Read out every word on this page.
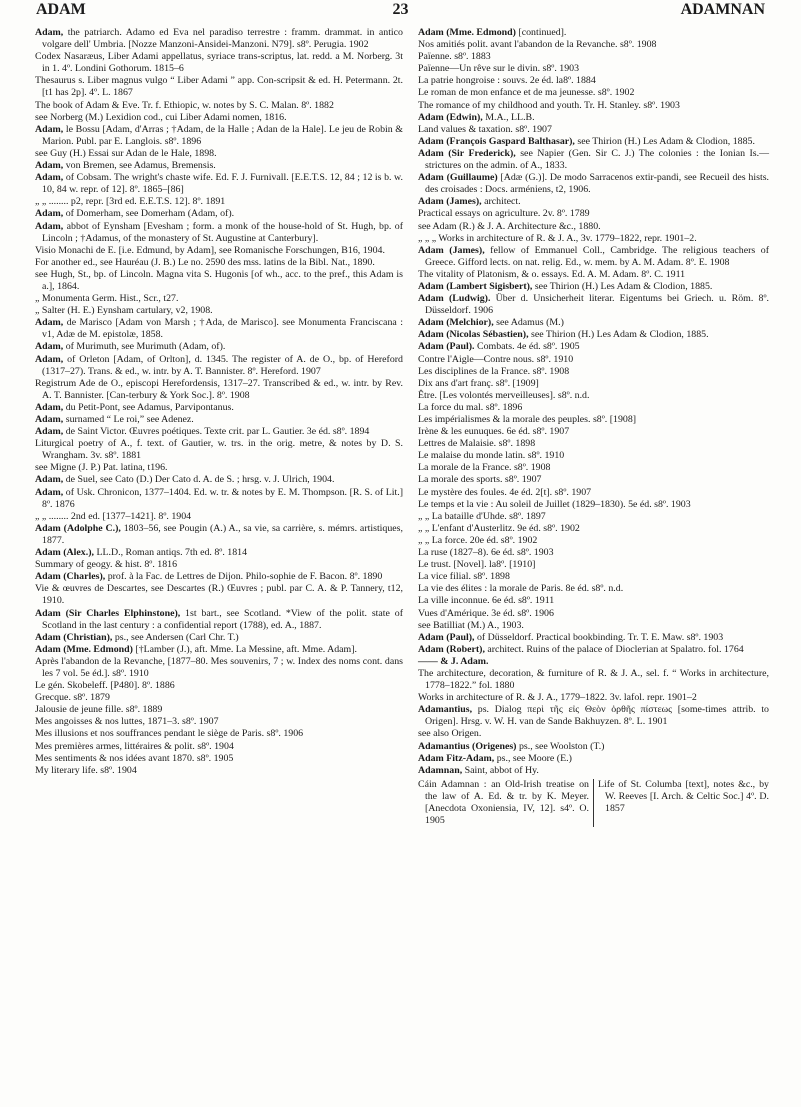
ADAM	23	ADAMNAN

Adam, the patriarch. Adamo ed Eva nel paradiso terrestre : framm. drammat. in antico volgare dell' Umbria. [Nozze Manzoni-Ansidei-Manzoni. N79]. s8º. Perugia. 1902

Codex Nasaræus, Liber Adami appellatus, syriace trans-scriptus, lat. redd. a M. Norberg. 3t in 1. 4º. Londini Gothorum. 1815–6

Thesaurus s. Liber magnus vulgo “ Liber Adami ” app. Con-scripsit & ed. H. Petermann. 2t. [t1 has 2p]. 4º. L. 1867

The book of Adam & Eve. Tr. f. Ethiopic, w. notes by S. C. Malan. 8º. 1882

see Norberg (M.) Lexidion cod., cui Liber Adami nomen, 1816.

Adam, le Bossu [Adam, d'Arras ; †Adam, de la Halle ; Adan de la Hale]. Le jeu de Robin & Marion. Publ. par E. Langlois. s8º. 1896

see Guy (H.) Essai sur Adan de le Hale, 1898.

Adam, von Bremen, see Adamus, Bremensis.

Adam, of Cobsam. The wright's chaste wife. Ed. F. J. Furnivall. [E.E.T.S. 12, 84 ; 12 is b. w. 10, 84 w. repr. of 12]. 8º. 1865–[86]

„ „ ........ p2, repr. [3rd ed. E.E.T.S. 12]. 8º. 1891

Adam, of Domerham, see Domerham (Adam, of).

Adam, abbot of Eynsham [Evesham ; form. a monk of the house-hold of St. Hugh, bp. of Lincoln ; †Adamus, of the monastery of St. Augustine at Canterbury].

Visio Monachi de E. [i.e. Edmund, by Adam], see Romanische Forschungen, B16, 1904.

For another ed., see Hauréau (J. B.) Le no. 2590 des mss. latins de la Bibl. Nat., 1890.

see Hugh, St., bp. of Lincoln. Magna vita S. Hugonis [of wh., acc. to the pref., this Adam is a.], 1864.

„ Monumenta Germ. Hist., Scr., t27.

„ Salter (H. E.) Eynsham cartulary, v2, 1908.

Adam, de Marisco [Adam von Marsh ; †Ada, de Marisco]. see Monumenta Franciscana : v1, Adæ de M. epistolæ, 1858.

Adam, of Murimuth, see Murimuth (Adam, of).

Adam, of Orleton [Adam, of Orlton], d. 1345. The register of A. de O., bp. of Hereford (1317–27). Trans. & ed., w. intr. by A. T. Bannister. 8º. Hereford. 1907

Registrum Ade de O., episcopi Herefordensis, 1317–27. Transcribed & ed., w. intr. by Rev. A. T. Bannister. [Can-terbury & York Soc.]. 8º. 1908

Adam, du Petit-Pont, see Adamus, Parvipontanus.

Adam, surnamed “ Le roi,” see Adenez.

Adam, de Saint Victor. Œuvres poétiques. Texte crit. par L. Gautier. 3e éd. s8º. 1894

Liturgical poetry of A., f. text. of Gautier, w. trs. in the orig. metre, & notes by D. S. Wrangham. 3v. s8º. 1881

see Migne (J. P.) Pat. latina, t196.

Adam, de Suel, see Cato (D.) Der Cato d. A. de S. ; hrsg. v. J. Ulrich, 1904.

Adam, of Usk. Chronicon, 1377–1404. Ed. w. tr. & notes by E. M. Thompson. [R. S. of Lit.] 8º. 1876

„ „ ........ 2nd ed. [1377–1421]. 8º. 1904

Adam (Adolphe C.), 1803–56, see Pougin (A.) A., sa vie, sa carrière, s. mémrs. artistiques, 1877.

Adam (Alex.), LL.D., Roman antiqs. 7th ed. 8º. 1814

Summary of geogy. & hist. 8º. 1816

Adam (Charles), prof. à la Fac. de Lettres de Dijon. Philo-sophie de F. Bacon. 8º. 1890

Vie & œuvres de Descartes, see Descartes (R.) Œuvres ; publ. par C. A. & P. Tannery, t12, 1910.

Adam (Sir Charles Elphinstone), 1st bart., see Scotland. *View of the polit. state of Scotland in the last century : a confidential report (1788), ed. A., 1887.

Adam (Christian), ps., see Andersen (Carl Chr. T.)

Adam (Mme. Edmond) [†Lamber (J.), aft. Mme. La Messine, aft. Mme. Adam].

Après l'abandon de la Revanche, [1877–80. Mes souvenirs, 7 ; w. Index des noms cont. dans les 7 vol. 5e éd.]. s8º. 1910

Le gén. Skobeleff. [P480]. 8º. 1886

Grecque. s8º. 1879

Jalousie de jeune fille. s8º. 1889

Mes angoisses & nos luttes, 1871–3. s8º. 1907

Mes illusions et nos souffrances pendant le siège de Paris. s8º. 1906

Mes premières armes, littéraires & polit. s8º. 1904

Mes sentiments & nos idées avant 1870. s8º. 1905

My literary life. s8º. 1904

Adam (Mme. Edmond) [continued].

Nos amitiés polit. avant l'abandon de la Revanche. s8º. 1908

Païenne. s8º. 1883

Païenne—Un rêve sur le divin. s8º. 1903

La patrie hongroise : souvs. 2e éd. la8º. 1884

Le roman de mon enfance et de ma jeunesse. s8º. 1902

The romance of my childhood and youth. Tr. H. Stanley. s8º. 1903

Adam (Edwin), M.A., LL.B.

Land values & taxation. s8º. 1907

Adam (François Gaspard Balthasar), see Thirion (H.) Les Adam & Clodion, 1885.

Adam (Sir Frederick), see Napier (Gen. Sir C. J.) The colonies : the Ionian Is.—strictures on the admin. of A., 1833.

Adam (Guillaume) [Adæ (G.)]. De modo Sarracenos extir-pandi, see Recueil des hists. des croisades : Docs. arméniens, t2, 1906.

Adam (James), architect.

Practical essays on agriculture. 2v. 8º. 1789

see Adam (R.) & J. A. Architecture &c., 1880.

„ „ „ Works in architecture of R. & J. A., 3v. 1779–1822, repr. 1901–2.

Adam (James), fellow of Emmanuel Coll., Cambridge. The religious teachers of Greece. Gifford lects. on nat. relig. Ed., w. mem. by A. M. Adam. 8º. E. 1908

The vitality of Platonism, & o. essays. Ed. A. M. Adam. 8º. C. 1911

Adam (Lambert Sigisbert), see Thirion (H.) Les Adam & Clodion, 1885.

Adam (Ludwig). Über d. Unsicherheit literar. Eigentums bei Griech. u. Röm. 8º. Düsseldorf. 1906

Adam (Melchior), see Adamus (M.)

Adam (Nicolas Sébastien), see Thirion (H.) Les Adam & Clodion, 1885.

Adam (Paul). Combats. 4e éd. s8º. 1905

Contre l'Aigle—Contre nous. s8º. 1910

Les disciplines de la France. s8º. 1908

Dix ans d'art franç. s8º. [1909]

Être. [Les volontés merveilleuses]. s8º. n.d.

La force du mal. s8º. 1896

Les impérialismes & la morale des peuples. s8º. [1908]

Irène & les eunuques. 6e éd. s8º. 1907

Lettres de Malaisie. s8º. 1898

Le malaise du monde latin. s8º. 1910

La morale de la France. s8º. 1908

La morale des sports. s8º. 1907

Le mystère des foules. 4e éd. 2[t]. s8º. 1907

Le temps et la vie : Au soleil de Juillet (1829–1830). 5e éd. s8º. 1903

„ „ La bataille d'Uhde. s8º. 1897

„ „ L'enfant d'Austerlitz. 9e éd. s8º. 1902

„ „ La force. 20e éd. s8º. 1902

La ruse (1827–8). 6e éd. s8º. 1903

Le trust. [Novel]. la8º. [1910]

La vice filial. s8º. 1898

La vie des élites : la morale de Paris. 8e éd. s8º. n.d.

La ville inconnue. 6e éd. s8º. 1911

Vues d'Amérique. 3e éd. s8º. 1906

see Batilliat (M.) A., 1903.

Adam (Paul), of Düsseldorf. Practical bookbinding. Tr. T. E. Maw. s8º. 1903

Adam (Robert), architect. Ruins of the palace of Dioclетian at Spalatro. fol. 1764

—— & J. Adam.

The architecture, decoration, & furniture of R. & J. A., sel. f. “ Works in architecture, 1778–1822.” fol. 1880

Works in architecture of R. & J. A., 1779–1822. 3v. lafol. repr. 1901–2

Adamantius, ps. Dialog περὶ τῆς εἰς Θεὸν ὀρθῆς πίστεως [some-times attrib. to Origen]. Hrsg. v. W. H. van de Sande Bakhuyzen. 8º. L. 1901

see also Origen.

Adamantius (Origenes) ps., see Woolston (T.)

Adam Fitz-Adam, ps., see Moore (E.)

Adamnan, Saint, abbot of Hy.

Cáin Adamnan : an Old-Irish treatise on the law of A. Ed. & tr. by K. Meyer. [Anecdota Oxoniensia, IV, 12]. s4º. O. 1905
Life of St. Columba [text], notes &c., by W. Reeves [I. Arch. & Celtic Soc.] 4º. D. 1857
